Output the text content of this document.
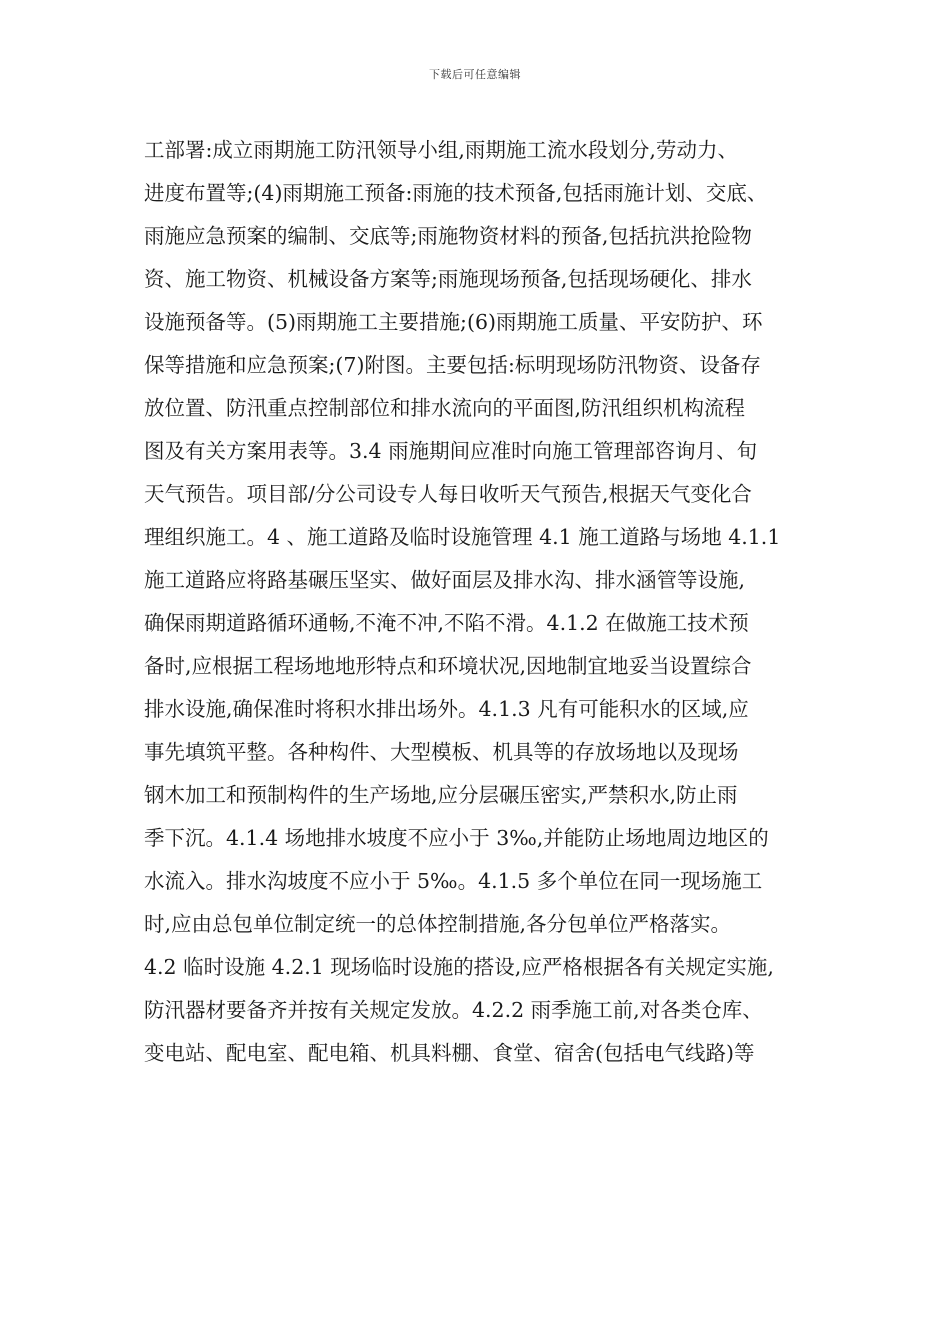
下载后可任意编辑
工部署:成立雨期施工防汛领导小组,雨期施工流水段划分,劳动力、
进度布置等;(4)雨期施工预备:雨施的技术预备,包括雨施计划、交底、
雨施应急预案的编制、交底等;雨施物资材料的预备,包括抗洪抢险物
资、施工物资、机械设备方案等;雨施现场预备,包括现场硬化、排水
设施预备等。(5)雨期施工主要措施;(6)雨期施工质量、平安防护、环
保等措施和应急预案;(7)附图。主要包括:标明现场防汛物资、设备存
放位置、防汛重点控制部位和排水流向的平面图,防汛组织机构流程
图及有关方案用表等。3.4 雨施期间应准时向施工管理部咨询月、旬
天气预告。项目部/分公司设专人每日收听天气预告,根据天气变化合
理组织施工。4 、施工道路及临时设施管理 4.1 施工道路与场地 4.1.1
施工道路应将路基碾压坚实、做好面层及排水沟、排水涵管等设施,
确保雨期道路循环通畅,不淹不冲,不陷不滑。4.1.2 在做施工技术预
备时,应根据工程场地地形特点和环境状况,因地制宜地妥当设置综合
排水设施,确保准时将积水排出场外。4.1.3 凡有可能积水的区域,应
事先填筑平整。各种构件、大型模板、机具等的存放场地以及现场
钢木加工和预制构件的生产场地,应分层碾压密实,严禁积水,防止雨
季下沉。4.1.4 场地排水坡度不应小于 3‰,并能防止场地周边地区的
水流入。排水沟坡度不应小于 5‰。4.1.5 多个单位在同一现场施工
时,应由总包单位制定统一的总体控制措施,各分包单位严格落实。
4.2 临时设施 4.2.1 现场临时设施的搭设,应严格根据各有关规定实施,
防汛器材要备齐并按有关规定发放。4.2.2 雨季施工前,对各类仓库、
变电站、配电室、配电箱、机具料棚、食堂、宿舍(包括电气线路)等
